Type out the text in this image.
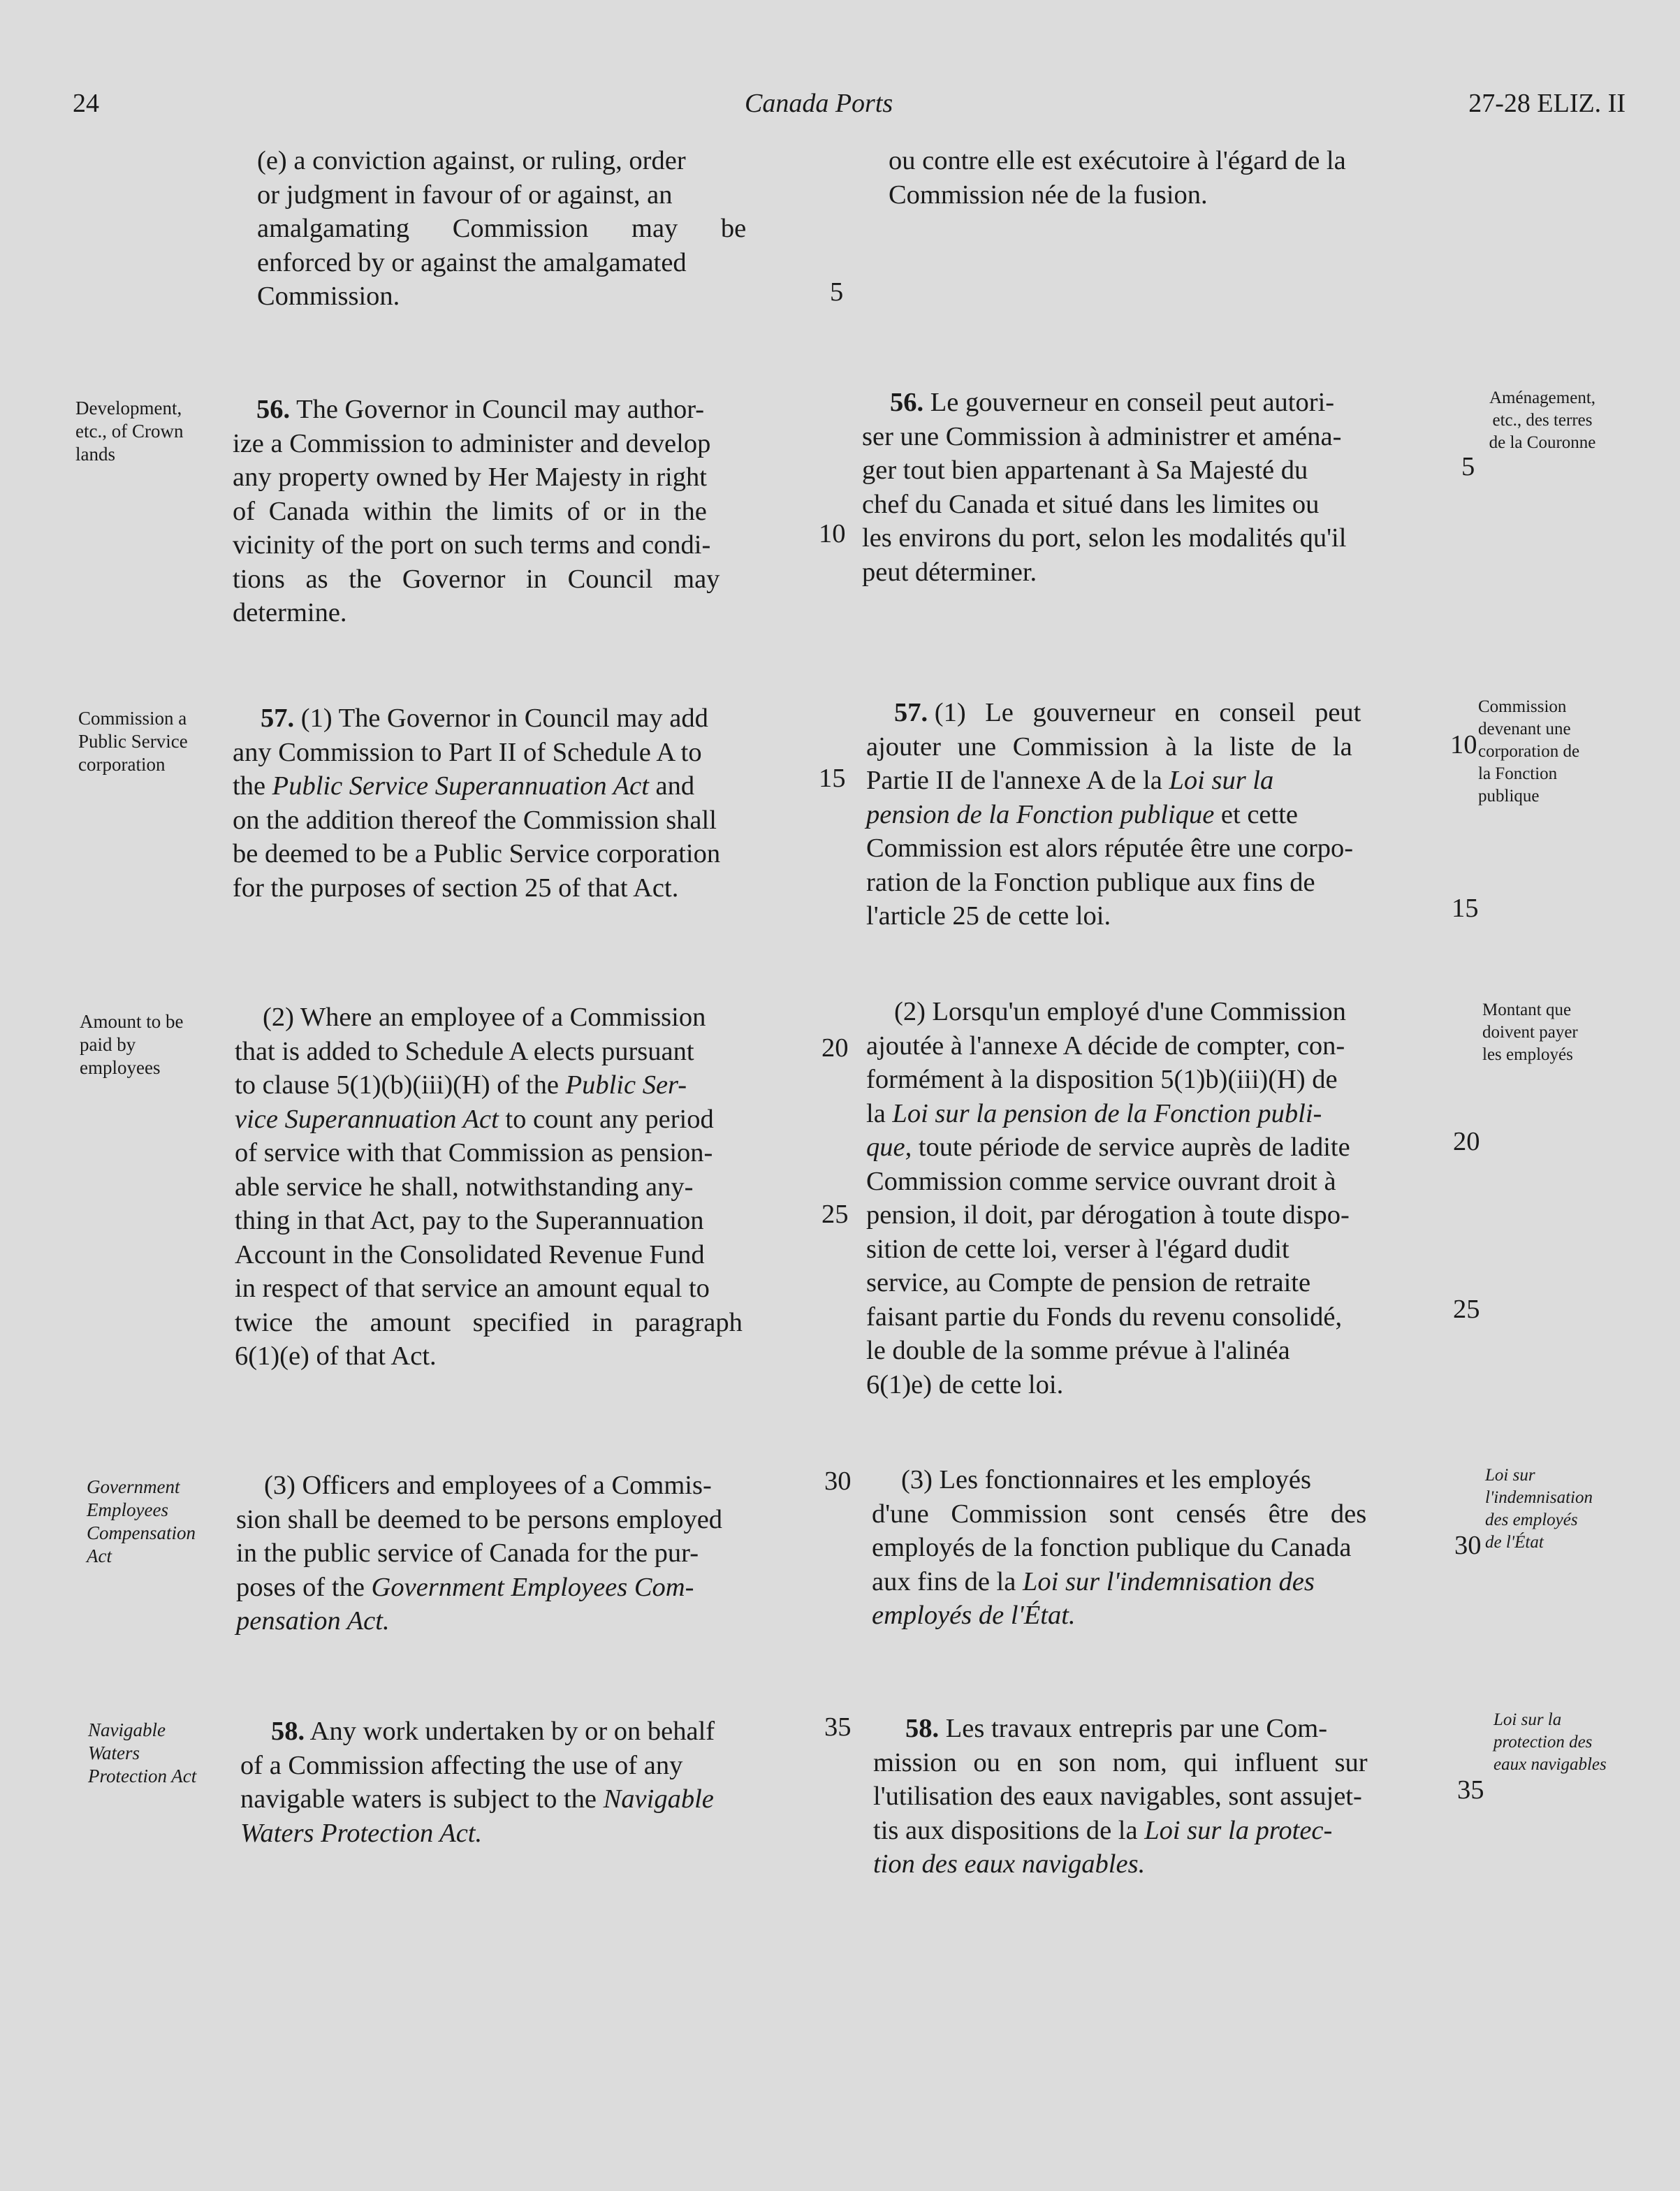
24	Canada Ports	27-28 ELIZ. II
(e) a conviction against, or ruling, order
or judgment in favour of or against, an
amalgamating Commission may be
enforced by or against the amalgamated
Commission.	5
ou contre elle est exécutoire à l'égard de la
Commission née de la fusion.
Development,
etc., of Crown
lands
56. The Governor in Council may author-
ize a Commission to administer and develop
any property owned by Her Majesty in right
of Canada within the limits of or in the
vicinity of the port on such terms and condi-
tions as the Governor in Council may
determine.
10
56. Le gouverneur en conseil peut autori-
ser une Commission à administrer et aména-
ger tout bien appartenant à Sa Majesté du
chef du Canada et situé dans les limites ou
les environs du port, selon les modalités qu'il
peut déterminer.
5
Aménagement,
etc., des terres
de la Couronne
Commission a
Public Service
corporation
57. (1) The Governor in Council may add
any Commission to Part II of Schedule A to
the Public Service Superannuation Act and
on the addition thereof the Commission shall
be deemed to be a Public Service corporation
for the purposes of section 25 of that Act.
15
57. (1) Le gouverneur en conseil peut
ajouter une Commission à la liste de la
Partie II de l'annexe A de la Loi sur la
pension de la Fonction publique et cette
Commission est alors réputée être une corpo-
ration de la Fonction publique aux fins de
l'article 25 de cette loi.
10
15
Commission
devenant une
corporation de
la Fonction
publique
Amount to be
paid by
employees
(2) Where an employee of a Commission
that is added to Schedule A elects pursuant
to clause 5(1)(b)(iii)(H) of the Public Ser-
vice Superannuation Act to count any period
of service with that Commission as pension-
able service he shall, notwithstanding any-
thing in that Act, pay to the Superannuation
Account in the Consolidated Revenue Fund
in respect of that service an amount equal to
twice the amount specified in paragraph
6(1)(e) of that Act.
20
25
(2) Lorsqu'un employé d'une Commission
ajoutée à l'annexe A décide de compter, con-
formément à la disposition 5(1)b)(iii)(H) de
la Loi sur la pension de la Fonction publi-
que, toute période de service auprès de ladite
Commission comme service ouvrant droit à
pension, il doit, par dérogation à toute dispo-
sition de cette loi, verser à l'égard dudit
service, au Compte de pension de retraite
faisant partie du Fonds du revenu consolidé,
le double de la somme prévue à l'alinéa
6(1)e) de cette loi.
20
25
Montant que
doivent payer
les employés
Government
Employees
Compensation
Act
(3) Officers and employees of a Commis-
sion shall be deemed to be persons employed
in the public service of Canada for the pur-
poses of the Government Employees Com-
pensation Act.
30	(3) Les fonctionnaires et les employés
d'une Commission sont censés être des
employés de la fonction publique du Canada
aux fins de la Loi sur l'indemnisation des
employés de l'État.
30
Loi sur
l'indemnisation
des employés
de l'État
Navigable
Waters
Protection Act
58. Any work undertaken by or on behalf
of a Commission affecting the use of any
navigable waters is subject to the Navigable
Waters Protection Act.
35	58. Les travaux entrepris par une Com-
mission ou en son nom, qui influent sur
l'utilisation des eaux navigables, sont assujet-
tis aux dispositions de la Loi sur la protec-
tion des eaux navigables.
35
Loi sur la
protection des
eaux navigables
